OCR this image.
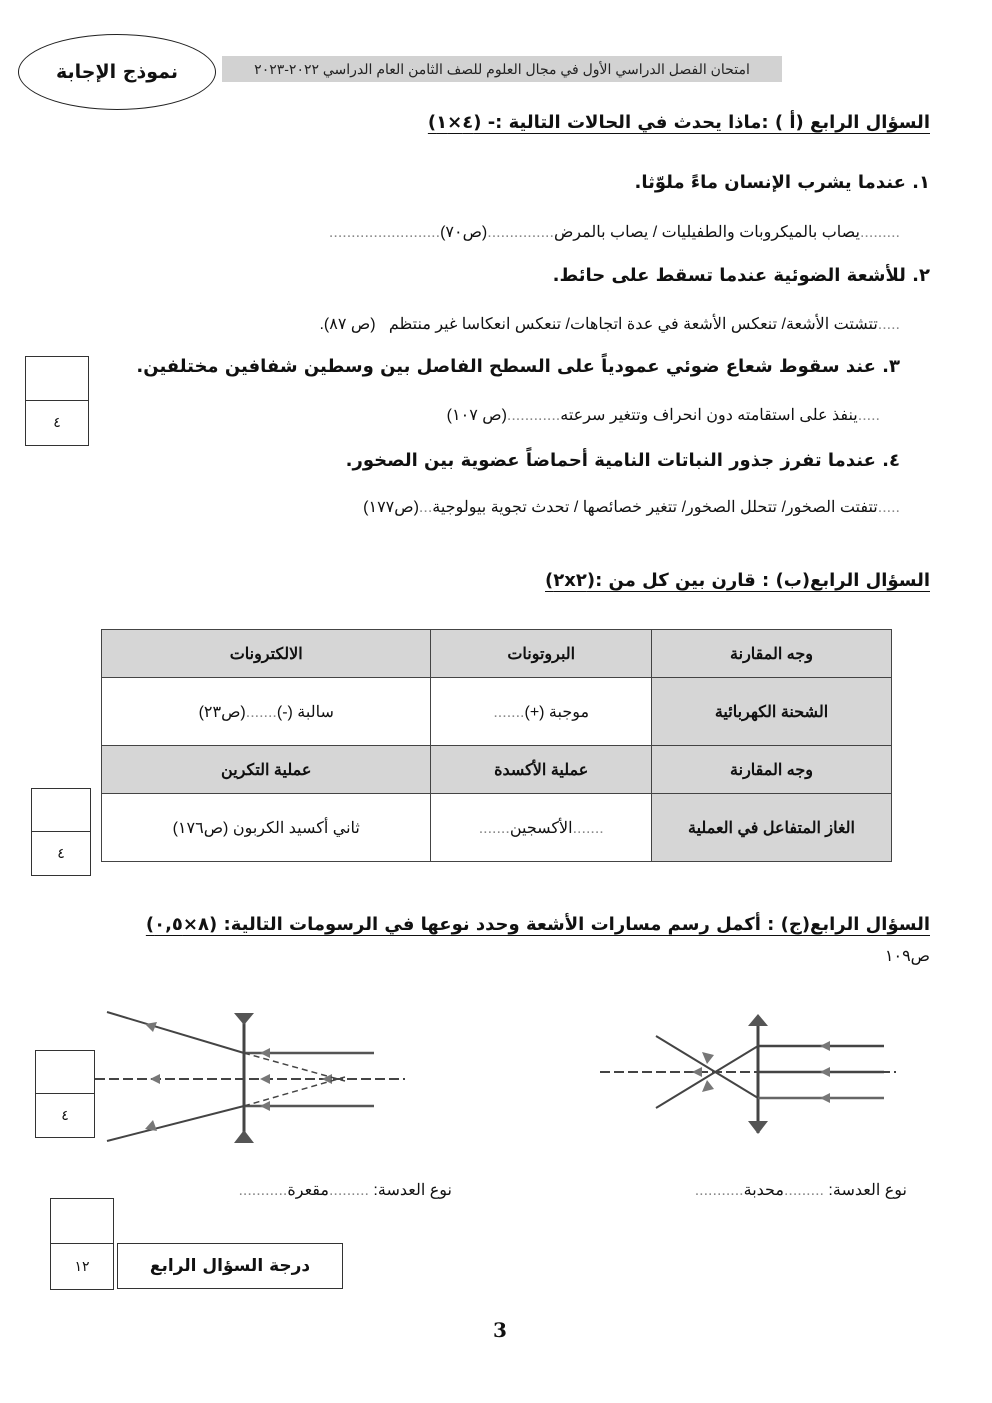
نموذج الإجابة	امتحان الفصل الدراسي الأول في مجال العلوم للصف الثامن العام الدراسي ٢٠٢٢-٢٠٢٣
السؤال الرابع (أ ) :ماذا يحدث في الحالات التالية :- (٤×١)
١. عندما يشرب الإنسان ماءً ملوّثا.
.........يصاب بالميكروبات والطفيليات / يصاب بالمرض...............(ص٧٠).........................
٢. للأشعة الضوئية عندما تسقط على حائط.
.....تتشتت الأشعة/ تنعكس الأشعة في عدة اتجاهات/ تنعكس انعكاسا غير منتظم   (ص ٨٧).
٣. عند سقوط شعاع ضوئي عمودياً على السطح الفاصل بين وسطين شفافين مختلفين.
.....ينفذ على استقامته دون انحراف وتتغير سرعته............(ص ١٠٧)
٤. عندما تفرز جذور النباتات النامية أحماضاً عضوية بين الصخور.
.....تتفتت الصخور/ تتحلل الصخور/ تتغير خصائصها / تحدث تجوية بيولوجية...(ص١٧٧)
٤
السؤال الرابع(ب) : قارن بين كل من :(٢x٢)
وجه المقارنة	البروتونات	الالكترونات
الشحنة الكهربائية	موجبة (+).......	سالبة (-).......(ص٢٣)
وجه المقارنة	عملية الأكسدة	عملية التكرين
الغاز المتفاعل في العملية	.......الأكسجين.......	ثاني أكسيد الكربون (ص١٧٦)
٤
السؤال الرابع(ج) : أكمل رسم مسارات الأشعة وحدد نوعها في الرسومات التالية: (٨×٠,٥)
ص١٠٩
٤
نوع العدسة: .........محدبة...........
نوع العدسة: .........مقعرة...........
١٢	درجة السؤال الرابع
3
